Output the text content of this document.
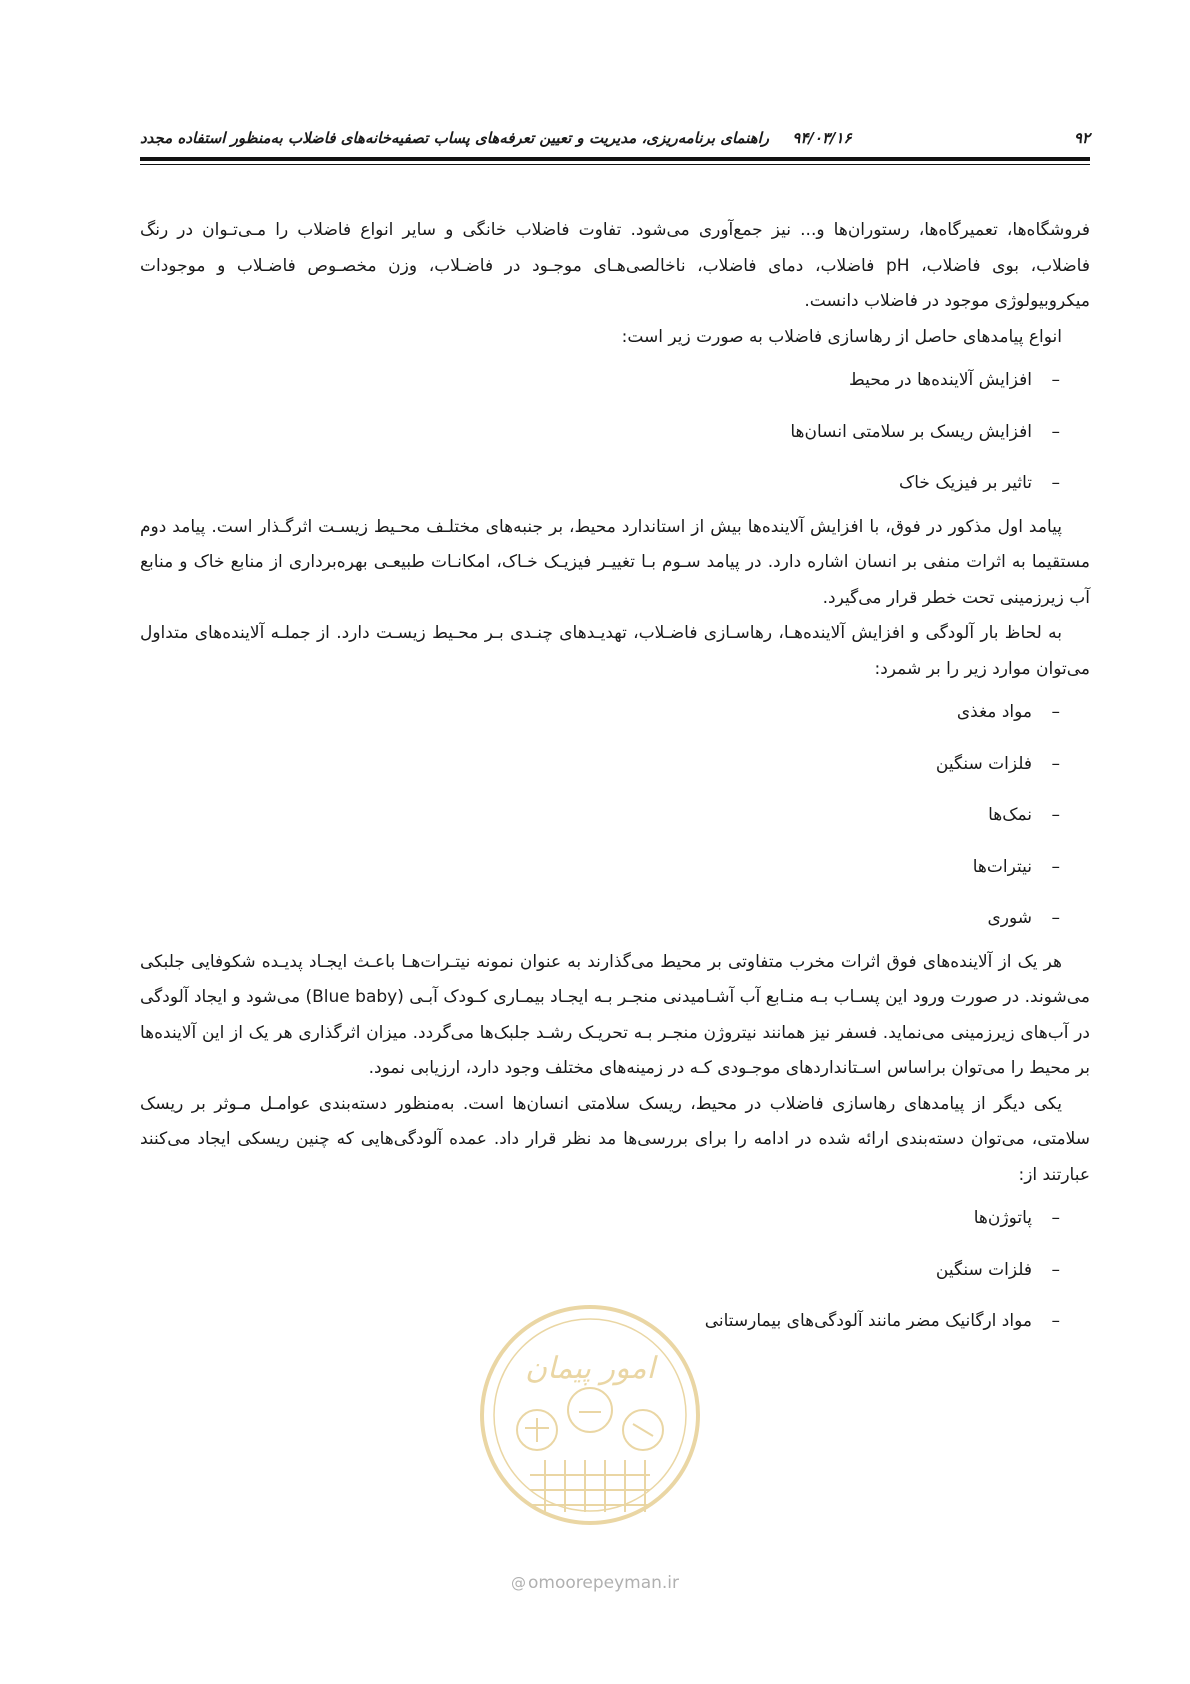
۹۲
۹۴/۰۳/۱۶ راهنمای برنامه‌ریزی، مدیریت و تعیین تعرفه‌های پساب تصفیه‌خانه‌های فاضلاب به‌منظور استفاده مجدد

فروشگاه‌ها، تعمیرگاه‌ها، رستوران‌ها و... نیز جمع‌آوری می‌شود. تفاوت فاضلاب خانگی و سایر انواع فاضلاب را مـی‌تـوان در رنگ فاضلاب، بوی فاضلاب، pH فاضلاب، دمای فاضلاب، ناخالصی‌هـای موجـود در فاضـلاب، وزن مخصـوص فاضـلاب و موجودات میکروبیولوژی موجود در فاضلاب دانست.

انواع پیامدهای حاصل از رهاسازی فاضلاب به صورت زیر است:

–
افزایش آلاینده‌ها در محیط
–
افزایش ریسک بر سلامتی انسان‌ها
–
تاثیر بر فیزیک خاک

پیامد اول مذکور در فوق، با افزایش آلاینده‌ها بیش از استاندارد محیط، بر جنبه‌های مختلـف محـیط زیسـت اثرگـذار است. پیامد دوم مستقیما به اثرات منفی بر انسان اشاره دارد. در پیامد سـوم بـا تغییـر فیزیـک خـاک، امکانـات طبیعـی بهره‌برداری از منابع خاک و منابع آب زیرزمینی تحت خطر قرار می‌گیرد.

به لحاظ بار آلودگی و افزایش آلاینده‌هـا، رهاسـازی فاضـلاب، تهدیـدهای چنـدی بـر محـیط زیسـت دارد. از جملـه آلاینده‌های متداول می‌توان موارد زیر را بر شمرد:

–
مواد مغذی
–
فلزات سنگین
–
نمک‌ها
–
نیترات‌ها
–
شوری

هر یک از آلاینده‌های فوق اثرات مخرب متفاوتی بر محیط می‌گذارند به عنوان نمونه نیتـرات‌هـا باعـث ایجـاد پدیـده شکوفایی جلبکی می‌شوند. در صورت ورود این پسـاب بـه منـابع آب آشـامیدنی منجـر بـه ایجـاد بیمـاری کـودک آبـی (Blue baby) می‌شود و ایجاد آلودگی در آب‌های زیرزمینی می‌نماید. فسفر نیز همانند نیتروژن منجـر بـه تحریـک رشـد جلبک‌ها می‌گردد. میزان اثرگذاری هر یک از این آلاینده‌ها بر محیط را می‌توان براساس اسـتانداردهای موجـودی کـه در زمینه‌های مختلف وجود دارد، ارزیابی نمود.

یکی دیگر از پیامدهای رهاسازی فاضلاب در محیط، ریسک سلامتی انسان‌ها است. به‌منظور دسته‌بندی عوامـل مـوثر بر ریسک سلامتی، می‌توان دسته‌بندی ارائه شده در ادامه را برای بررسی‌ها مد نظر قرار داد. عمده آلودگی‌هایی که چنین ریسکی ایجاد می‌کنند عبارتند از:

–
پاتوژن‌ها
–
فلزات سنگین
–
مواد ارگانیک مضر مانند آلودگی‌های بیمارستانی
امور پیمان
@ omoorepeyman.ir
